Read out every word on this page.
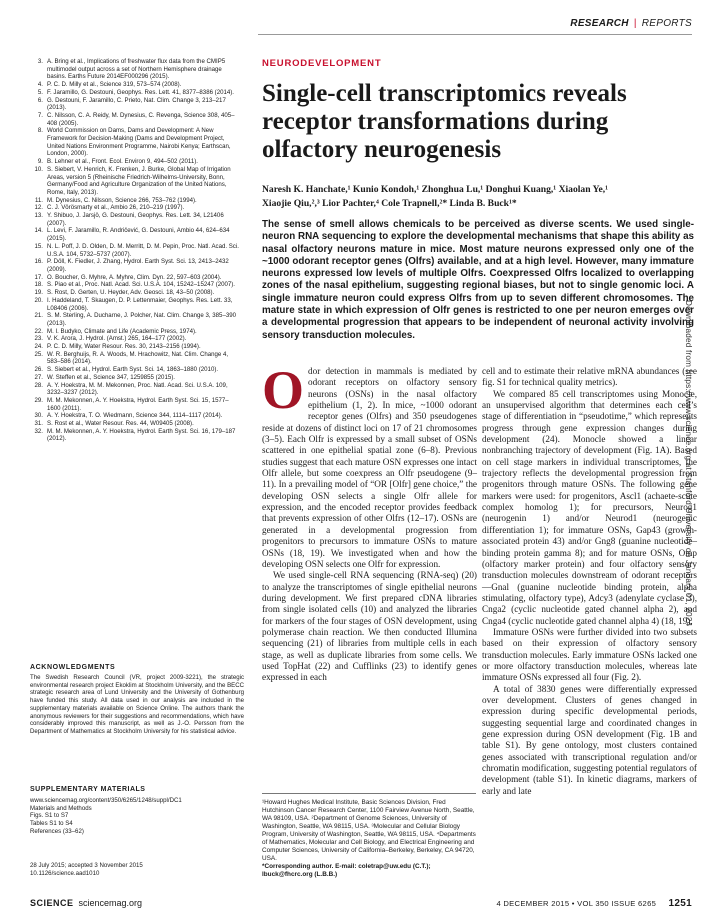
RESEARCH | REPORTS
3. A. Bring et al., Implications of freshwater flux data from the CMIP5 multimodel output across a set of Northern Hemisphere drainage basins. Earths Future 2014EF000296 (2015).
4. P. C. D. Milly et al., Science 319, 573–574 (2008).
5. F. Jaramillo, G. Destouni, Geophys. Res. Lett. 41, 8377–8386 (2014).
6. G. Destouni, F. Jaramillo, C. Prieto, Nat. Clim. Change 3, 213–217 (2013).
7. C. Nilsson, C. A. Reidy, M. Dynesius, C. Revenga, Science 308, 405–408 (2005).
8. World Commission on Dams, Dams and Development: A New Framework for Decision-Making (Dams and Development Project, United Nations Environment Programme, Nairobi Kenya; Earthscan, London, 2000).
9. B. Lehner et al., Front. Ecol. Environ 9, 494–502 (2011).
10. S. Siebert, V. Henrich, K. Frenken, J. Burke, Global Map of Irrigation Areas, version 5 (Rheinische Friedrich-Wilhelms-University, Bonn, Germany/Food and Agriculture Organization of the United Nations, Rome, Italy, 2013).
11. M. Dynesius, C. Nilsson, Science 266, 753–762 (1994).
12. C. J. Vörösmarty et al., Ambio 26, 210–219 (1997).
13. Y. Shibuo, J. Jarsjö, G. Destouni, Geophys. Res. Lett. 34, L21406 (2007).
14. L. Levi, F. Jaramillo, R. Andričević, G. Destouni, Ambio 44, 624–634 (2015).
15. N. L. Poff, J. D. Olden, D. M. Merritt, D. M. Pepin, Proc. Natl. Acad. Sci. U.S.A. 104, 5732–5737 (2007).
16. P. Döll, K. Fiedler, J. Zhang, Hydrol. Earth Syst. Sci. 13, 2413–2432 (2009).
17. O. Boucher, G. Myhre, A. Myhre, Clim. Dyn. 22, 597–603 (2004).
18. S. Piao et al., Proc. Natl. Acad. Sci. U.S.A. 104, 15242–15247 (2007).
19. S. Rost, D. Gerten, U. Heyder, Adv. Geosci. 18, 43–50 (2008).
20. I. Haddeland, T. Skaugen, D. P. Lettenmaier, Geophys. Res. Lett. 33, L08406 (2006).
21. S. M. Sterling, A. Ducharne, J. Polcher, Nat. Clim. Change 3, 385–390 (2013).
22. M. I. Budyko, Climate and Life (Academic Press, 1974).
23. V. K. Arora, J. Hydrol. (Amst.) 265, 164–177 (2002).
24. P. C. D. Milly, Water Resour. Res. 30, 2143–2156 (1994).
25. W. R. Berghuijs, R. A. Woods, M. Hrachowitz, Nat. Clim. Change 4, 583–586 (2014).
26. S. Siebert et al., Hydrol. Earth Syst. Sci. 14, 1863–1880 (2010).
27. W. Steffen et al., Science 347, 1259855 (2015).
28. A. Y. Hoekstra, M. M. Mekonnen, Proc. Natl. Acad. Sci. U.S.A. 109, 3232–3237 (2012).
29. M. M. Mekonnen, A. Y. Hoekstra, Hydrol. Earth Syst. Sci. 15, 1577–1600 (2011).
30. A. Y. Hoekstra, T. O. Wiedmann, Science 344, 1114–1117 (2014).
31. S. Rost et al., Water Resour. Res. 44, W09405 (2008).
32. M. M. Mekonnen, A. Y. Hoekstra, Hydrol. Earth Syst. Sci. 16, 179–187 (2012).
ACKNOWLEDGMENTS
The Swedish Research Council (VR, project 2009-3221), the strategic environmental research project Ekoklim at Stockholm University, and the BECC strategic research area of Lund University and the University of Gothenburg have funded this study. All data used in our analysis are included in the supplementary materials available on Science Online. The authors thank the anonymous reviewers for their suggestions and recommendations, which have considerably improved this manuscript, as well as J.-O. Persson from the Department of Mathematics at Stockholm University for his statistical advice.
SUPPLEMENTARY MATERIALS
www.sciencemag.org/content/350/6265/1248/suppl/DC1
Materials and Methods
Figs. S1 to S7
Tables S1 to S4
References (33–62)
28 July 2015; accepted 3 November 2015
10.1126/science.aad1010
NEURODEVELOPMENT
Single-cell transcriptomics reveals receptor transformations during olfactory neurogenesis
Naresh K. Hanchate,¹ Kunio Kondoh,¹ Zhonghua Lu,¹ Donghui Kuang,¹ Xiaolan Ye,¹
Xiaojie Qiu,²,³ Lior Pachter,⁴ Cole Trapnell,²* Linda B. Buck¹*
The sense of smell allows chemicals to be perceived as diverse scents. We used single-neuron RNA sequencing to explore the developmental mechanisms that shape this ability as nasal olfactory neurons mature in mice. Most mature neurons expressed only one of the ~1000 odorant receptor genes (Olfrs) available, and at a high level. However, many immature neurons expressed low levels of multiple Olfrs. Coexpressed Olfrs localized to overlapping zones of the nasal epithelium, suggesting regional biases, but not to single genomic loci. A single immature neuron could express Olfrs from up to seven different chromosomes. The mature state in which expression of Olfr genes is restricted to one per neuron emerges over a developmental progression that appears to be independent of neuronal activity involving sensory transduction molecules.	Downloaded from https://www.science.org at Stanford University on January 01, 2024

Odor detection in mammals is mediated by odorant receptors on olfactory sensory neurons (OSNs) in the nasal olfactory epithelium (1, 2). In mice, ~1000 odorant receptor genes (Olfrs) and 350 pseudogenes reside at dozens of distinct loci on 17 of 21 chromosomes (3–5). Each Olfr is expressed by a small subset of OSNs scattered in one epithelial spatial zone (6–8). Previous studies suggest that each mature OSN expresses one intact Olfr allele, but some coexpress an Olfr pseudogene (9–11). In a prevailing model of “OR [Olfr] gene choice,” the developing OSN selects a single Olfr allele for expression, and the encoded receptor provides feedback that prevents expression of other Olfrs (12–17). OSNs are generated in a developmental progression from progenitors to precursors to immature OSNs to mature OSNs (18, 19). We investigated when and how the developing OSN selects one Olfr for expression.

We used single-cell RNA sequencing (RNA-seq) (20) to analyze the transcriptomes of single epithelial neurons during development. We first prepared cDNA libraries from single isolated cells (10) and analyzed the libraries for markers of the four stages of OSN development, using polymerase chain reaction. We then conducted Illumina sequencing (21) of libraries from multiple cells in each stage, as well as duplicate libraries from some cells. We used TopHat (22) and Cufflinks (23) to identify genes expressed in each

cell and to estimate their relative mRNA abundances (see fig. S1 for technical quality metrics).

We compared 85 cell transcriptomes using Monocle, an unsupervised algorithm that determines each cell’s stage of differentiation in “pseudotime,” which represents progress through gene expression changes during development (24). Monocle showed a linear nonbranching trajectory of development (Fig. 1A). Based on cell stage markers in individual transcriptomes, the trajectory reflects the developmental progression from progenitors through mature OSNs. The following gene markers were used: for progenitors, Ascl1 (achaete-scute complex homolog 1); for precursors, Neurog1 (neurogenin 1) and/or Neurod1 (neurogenic differentiation 1); for immature OSNs, Gap43 (growth-associated protein 43) and/or Gng8 (guanine nucleotide–binding protein gamma 8); and for mature OSNs, Omp (olfactory marker protein) and four olfactory sensory transduction molecules downstream of odorant receptors—Gnal (guanine nucleotide binding protein, alpha stimulating, olfactory type), Adcy3 (adenylate cyclase 3), Cnga2 (cyclic nucleotide gated channel alpha 2), and Cnga4 (cyclic nucleotide gated channel alpha 4) (18, 19).

Immature OSNs were further divided into two subsets based on their expression of olfactory sensory transduction molecules. Early immature OSNs lacked one or more olfactory transduction molecules, whereas late immature OSNs expressed all four (Fig. 2).

A total of 3830 genes were differentially expressed over development. Clusters of genes changed in expression during specific developmental periods, suggesting sequential large and coordinated changes in gene expression during OSN development (Fig. 1B and table S1). By gene ontology, most clusters contained genes associated with transcriptional regulation and/or chromatin modification, suggesting potential regulators of development (table S1). In kinetic diagrams, markers of early and late

¹Howard Hughes Medical Institute, Basic Sciences Division, Fred Hutchinson Cancer Research Center, 1100 Fairview Avenue North, Seattle, WA 98109, USA. ²Department of Genome Sciences, University of Washington, Seattle, WA 98115, USA. ³Molecular and Cellular Biology Program, University of Washington, Seattle, WA 98115, USA. ⁴Departments of Mathematics, Molecular and Cell Biology, and Electrical Engineering and Computer Sciences, University of California–Berkeley, Berkeley, CA 94720, USA.
*Corresponding author. E-mail: coletrap@uw.edu (C.T.); lbuck@fhcrc.org (L.B.B.)
SCIENCE sciencemag.org	4 DECEMBER 2015 • VOL 350 ISSUE 6265 1251
